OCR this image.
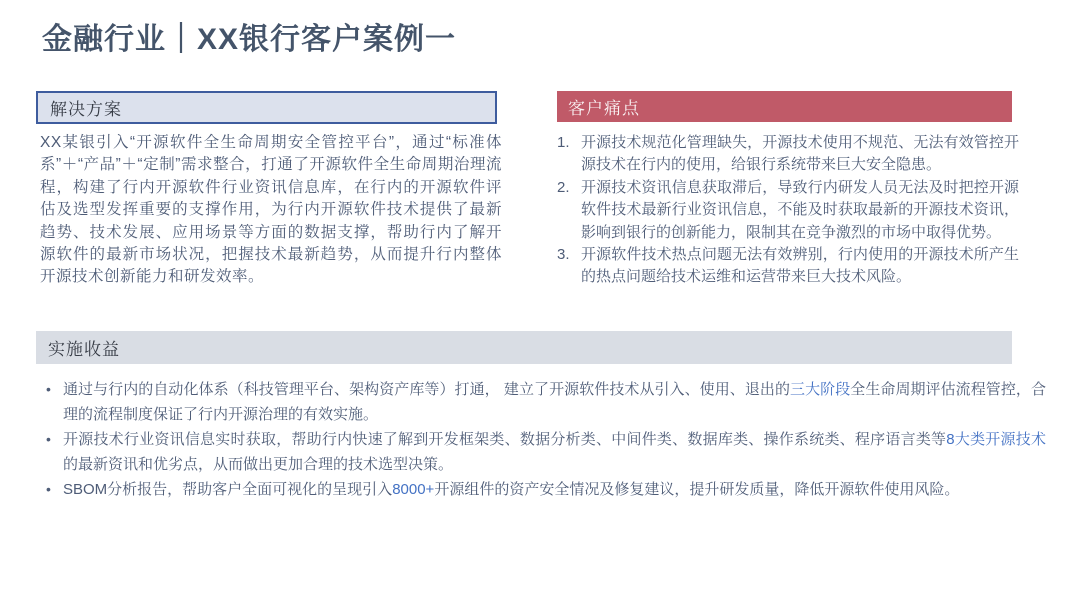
金融行业｜XX银行客户案例一
解决方案

XX某银引入“开源软件全生命周期安全管控平台”，通过“标准体系”＋“产品”＋“定制”需求整合，打通了开源软件全生命周期治理流程，构建了行内开源软件行业资讯信息库，在行内的开源软件评估及选型发挥重要的支撑作用，为行内开源软件技术提供了最新趋势、技术发展、应用场景等方面的数据支撑，帮助行内了解开源软件的最新市场状况，把握技术最新趋势，从而提升行内整体开源技术创新能力和研发效率。

客户痛点
开源技术规范化管理缺失，开源技术使用不规范、无法有效管控开源技术在行内的使用，给银行系统带来巨大安全隐患。
开源技术资讯信息获取滞后，导致行内研发人员无法及时把控开源软件技术最新行业资讯信息，不能及时获取最新的开源技术资讯，影响到银行的创新能力，限制其在竞争激烈的市场中取得优势。
开源软件技术热点问题无法有效辨别，行内使用的开源技术所产生的热点问题给技术运维和运营带来巨大技术风险。
实施收益
• 通过与行内的自动化体系（科技管理平台、架构资产库等）打通， 建立了开源软件技术从引入、使用、退出的三大阶段全生命周期评估流程管控，合理的流程制度保证了行内开源治理的有效实施。
• 开源技术行业资讯信息实时获取，帮助行内快速了解到开发框架类、数据分析类、中间件类、数据库类、操作系统类、程序语言类等8大类开源技术的最新资讯和优劣点，从而做出更加合理的技术选型决策。
• SBOM分析报告，帮助客户全面可视化的呈现引入8000+开源组件的资产安全情况及修复建议，提升研发质量，降低开源软件使用风险。
